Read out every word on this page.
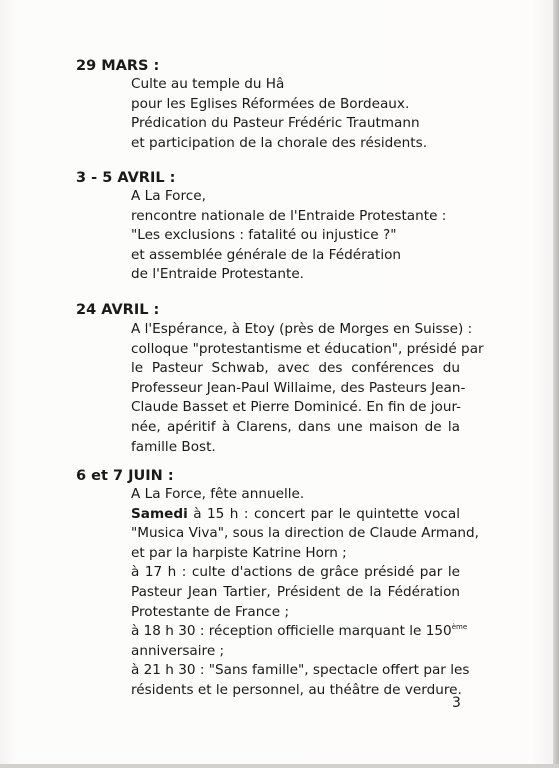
29 MARS :
Culte au temple du Hâ
pour les Eglises Réformées de Bordeaux.
Prédication du Pasteur Frédéric Trautmann
et participation de la chorale des résidents.
3 - 5 AVRIL :
A La Force,
rencontre nationale de l'Entraide Protestante :
"Les exclusions : fatalité ou injustice ?"
et assemblée générale de la Fédération
de l'Entraide Protestante.
24 AVRIL :
A l'Espérance, à Etoy (près de Morges en Suisse) :
colloque "protestantisme et éducation", présidé par
le Pasteur Schwab, avec des conférences du
Professeur Jean-Paul Willaime, des Pasteurs Jean-
Claude Basset et Pierre Dominicé. En fin de jour-
née, apéritif à Clarens, dans une maison de la
famille Bost.
6 et 7 JUIN :
A La Force, fête annuelle.
Samedi à 15 h : concert par le quintette vocal
"Musica Viva", sous la direction de Claude Armand,
et par la harpiste Katrine Horn ;
à 17 h : culte d'actions de grâce présidé par le
Pasteur Jean Tartier, Président de la Fédération
Protestante de France ;
à 18 h 30 : réception officielle marquant le 150ème
anniversaire ;
à 21 h 30 : "Sans famille", spectacle offert par les
résidents et le personnel, au théâtre de verdure.
3
